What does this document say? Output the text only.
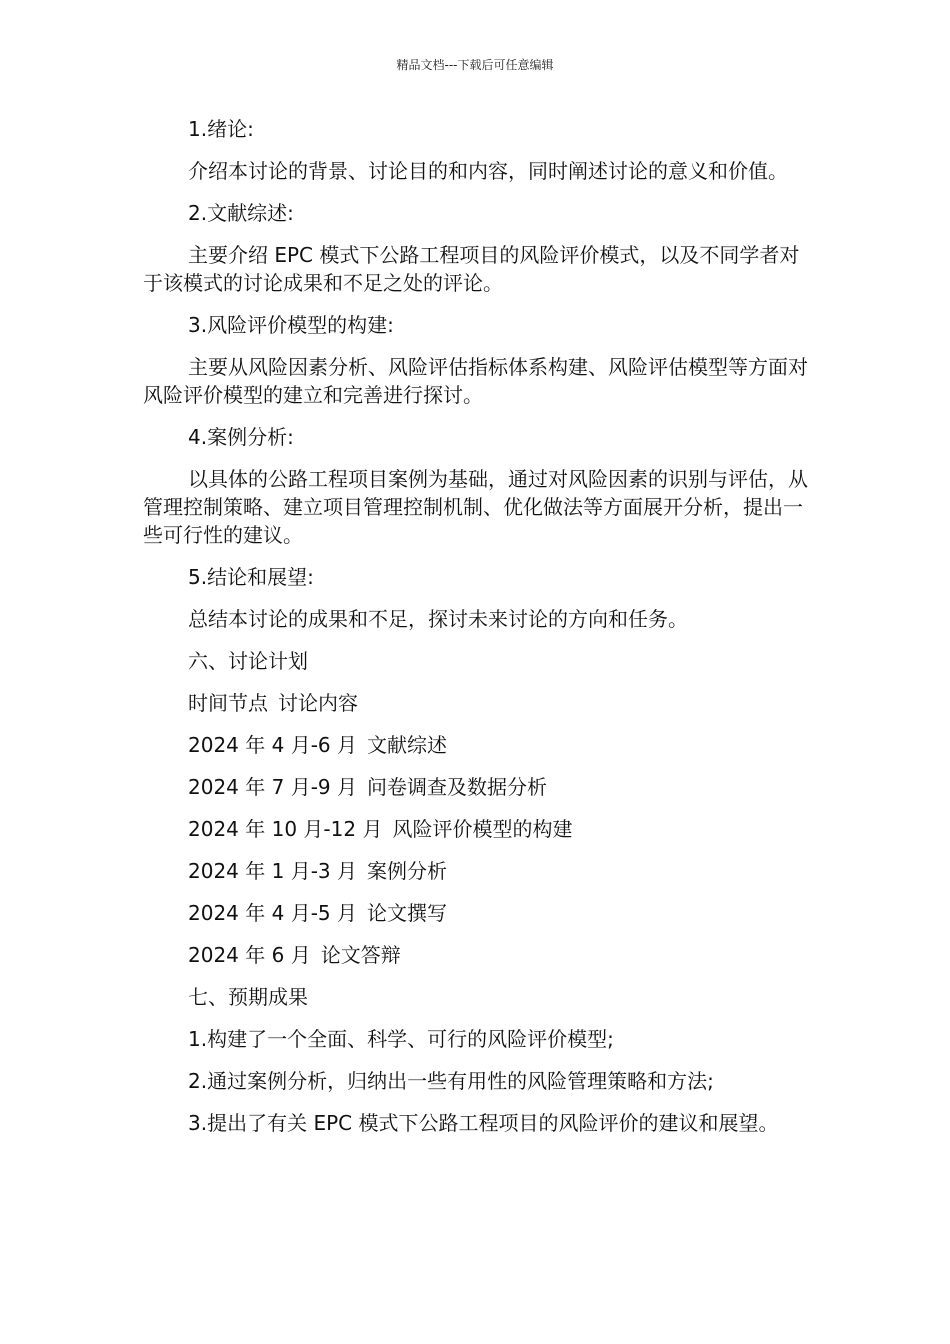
精品文档---下载后可任意编辑

1.绪论:

介绍本讨论的背景、讨论目的和内容，同时阐述讨论的意义和价值。

2.文献综述:

主要介绍 EPC 模式下公路工程项目的风险评价模式，以及不同学者对于该模式的讨论成果和不足之处的评论。

3.风险评价模型的构建:

主要从风险因素分析、风险评估指标体系构建、风险评估模型等方面对风险评价模型的建立和完善进行探讨。

4.案例分析:

以具体的公路工程项目案例为基础，通过对风险因素的识别与评估，从管理控制策略、建立项目管理控制机制、优化做法等方面展开分析，提出一些可行性的建议。

5.结论和展望:

总结本讨论的成果和不足，探讨未来讨论的方向和任务。

六、讨论计划

时间节点 讨论内容
2024 年 4 月-6 月 文献综述
2024 年 7 月-9 月 问卷调查及数据分析
2024 年 10 月-12 月 风险评价模型的构建
2024 年 1 月-3 月 案例分析
2024 年 4 月-5 月 论文撰写
2024 年 6 月 论文答辩

七、预期成果

1.构建了一个全面、科学、可行的风险评价模型;

2.通过案例分析，归纳出一些有用性的风险管理策略和方法;

3.提出了有关 EPC 模式下公路工程项目的风险评价的建议和展望。
